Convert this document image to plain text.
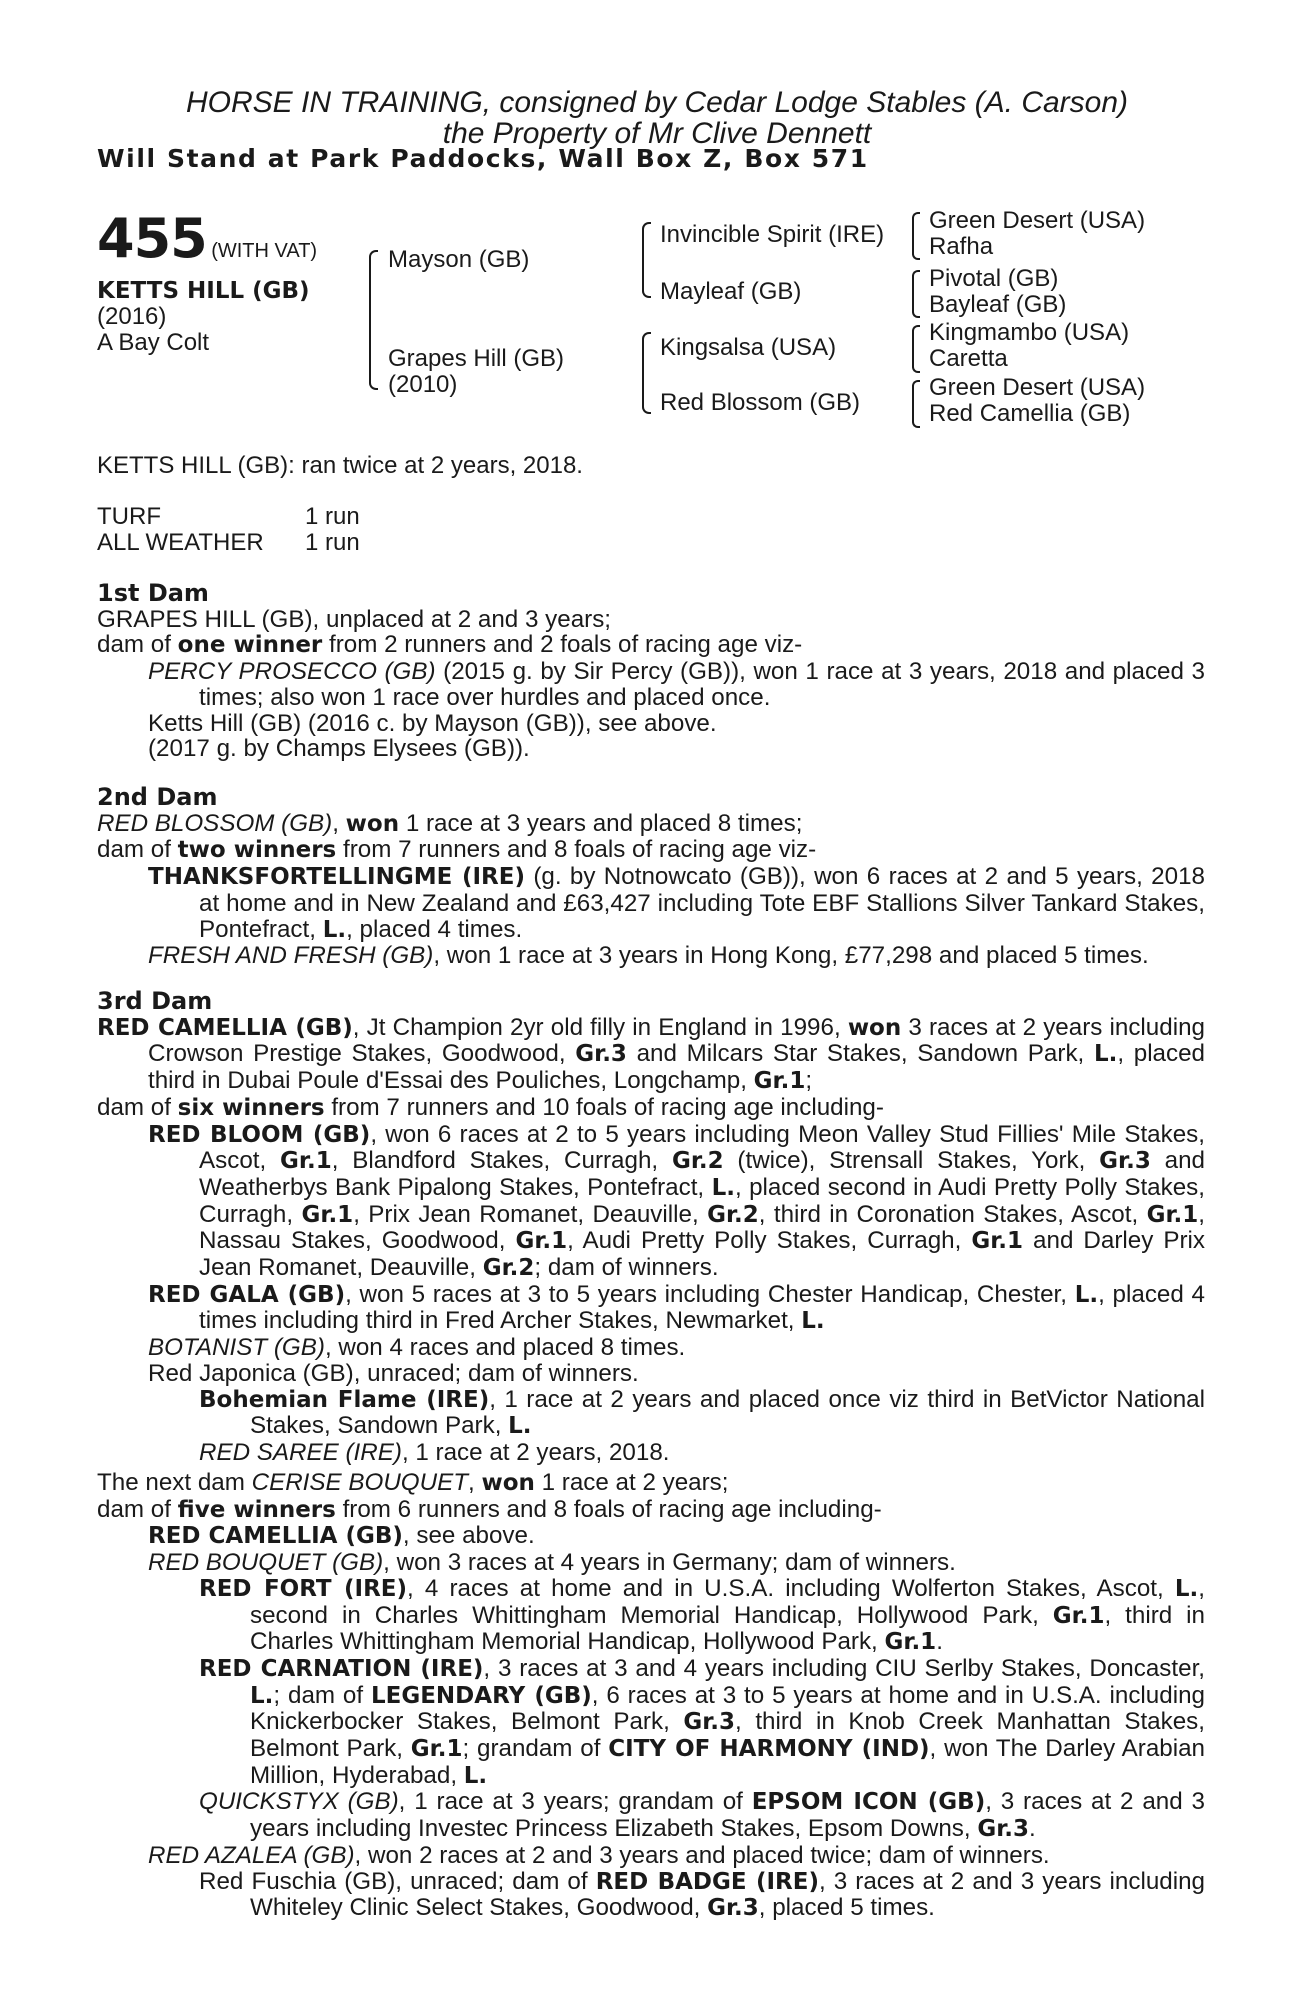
HORSE IN TRAINING, consigned by Cedar Lodge Stables (A. Carson)
the Property of Mr Clive Dennett
Will Stand at Park Paddocks, Wall Box Z, Box 571
455 (WITH VAT)
KETTS HILL (GB)
(2016)
A Bay Colt
Mayson (GB)
Grapes Hill (GB)
(2010)
Invincible Spirit (IRE)
Mayleaf (GB)
Kingsalsa (USA)
Red Blossom (GB)
Green Desert (USA)
Rafha
Pivotal (GB)
Bayleaf (GB)
Kingmambo (USA)
Caretta
Green Desert (USA)
Red Camellia (GB)
KETTS HILL (GB): ran twice at 2 years, 2018.
TURF	1 run
ALL WEATHER 1 run

1st Dam

GRAPES HILL (GB), unplaced at 2 and 3 years;

dam of one winner from 2 runners and 2 foals of racing age viz-

PERCY PROSECCO (GB) (2015 g. by Sir Percy (GB)), won 1 race at 3 years, 2018 and placed 3 times; also won 1 race over hurdles and placed once.

Ketts Hill (GB) (2016 c. by Mayson (GB)), see above.

(2017 g. by Champs Elysees (GB)).

2nd Dam

RED BLOSSOM (GB), won 1 race at 3 years and placed 8 times;

dam of two winners from 7 runners and 8 foals of racing age viz-

THANKSFORTELLINGME (IRE) (g. by Notnowcato (GB)), won 6 races at 2 and 5 years, 2018 at home and in New Zealand and £63,427 including Tote EBF Stallions Silver Tankard Stakes, Pontefract, L., placed 4 times.

FRESH AND FRESH (GB), won 1 race at 3 years in Hong Kong, £77,298 and placed 5 times.

3rd Dam

RED CAMELLIA (GB), Jt Champion 2yr old filly in England in 1996, won 3 races at 2 years including Crowson Prestige Stakes, Goodwood, Gr.3 and Milcars Star Stakes, Sandown Park, L., placed third in Dubai Poule d'Essai des Pouliches, Longchamp, Gr.1;

dam of six winners from 7 runners and 10 foals of racing age including-

RED BLOOM (GB), won 6 races at 2 to 5 years including Meon Valley Stud Fillies' Mile Stakes, Ascot, Gr.1, Blandford Stakes, Curragh, Gr.2 (twice), Strensall Stakes, York, Gr.3 and Weatherbys Bank Pipalong Stakes, Pontefract, L., placed second in Audi Pretty Polly Stakes, Curragh, Gr.1, Prix Jean Romanet, Deauville, Gr.2, third in Coronation Stakes, Ascot, Gr.1, Nassau Stakes, Goodwood, Gr.1, Audi Pretty Polly Stakes, Curragh, Gr.1 and Darley Prix Jean Romanet, Deauville, Gr.2; dam of winners.

RED GALA (GB), won 5 races at 3 to 5 years including Chester Handicap, Chester, L., placed 4 times including third in Fred Archer Stakes, Newmarket, L.

BOTANIST (GB), won 4 races and placed 8 times.

Red Japonica (GB), unraced; dam of winners.

Bohemian Flame (IRE), 1 race at 2 years and placed once viz third in BetVictor National Stakes, Sandown Park, L.

RED SAREE (IRE), 1 race at 2 years, 2018.

The next dam CERISE BOUQUET, won 1 race at 2 years;

dam of five winners from 6 runners and 8 foals of racing age including-

RED CAMELLIA (GB), see above.

RED BOUQUET (GB), won 3 races at 4 years in Germany; dam of winners.

RED FORT (IRE), 4 races at home and in U.S.A. including Wolferton Stakes, Ascot, L., second in Charles Whittingham Memorial Handicap, Hollywood Park, Gr.1, third in Charles Whittingham Memorial Handicap, Hollywood Park, Gr.1.

RED CARNATION (IRE), 3 races at 3 and 4 years including CIU Serlby Stakes, Doncaster, L.; dam of LEGENDARY (GB), 6 races at 3 to 5 years at home and in U.S.A. including Knickerbocker Stakes, Belmont Park, Gr.3, third in Knob Creek Manhattan Stakes, Belmont Park, Gr.1; grandam of CITY OF HARMONY (IND), won The Darley Arabian Million, Hyderabad, L.

QUICKSTYX (GB), 1 race at 3 years; grandam of EPSOM ICON (GB), 3 races at 2 and 3 years including Investec Princess Elizabeth Stakes, Epsom Downs, Gr.3.

RED AZALEA (GB), won 2 races at 2 and 3 years and placed twice; dam of winners.

Red Fuschia (GB), unraced; dam of RED BADGE (IRE), 3 races at 2 and 3 years including Whiteley Clinic Select Stakes, Goodwood, Gr.3, placed 5 times.
